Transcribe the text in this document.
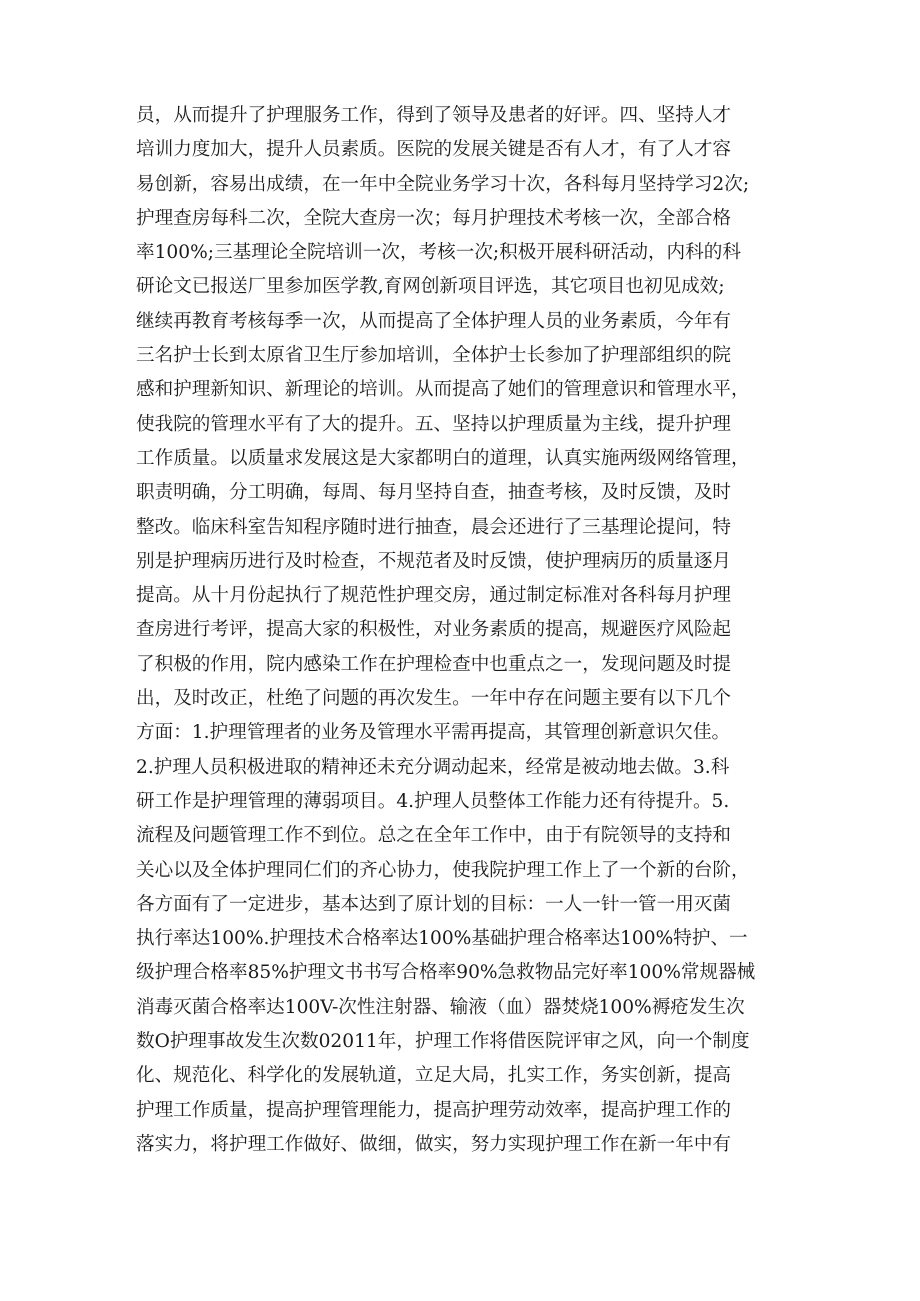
员，从而提升了护理服务工作，得到了领导及患者的好评。四、坚持人才
培训力度加大，提升人员素质。医院的发展关键是否有人才，有了人才容
易创新，容易出成绩，在一年中全院业务学习十次，各科每月坚持学习2次;
护理查房每科二次，全院大查房一次；每月护理技术考核一次，全部合格
率100%;三基理论全院培训一次，考核一次;积极开展科研活动，内科的科
研论文已报送厂里参加医学教,育网创新项目评选，其它项目也初见成效;
继续再教育考核每季一次，从而提高了全体护理人员的业务素质，今年有
三名护士长到太原省卫生厅参加培训，全体护士长参加了护理部组织的院
感和护理新知识、新理论的培训。从而提高了她们的管理意识和管理水平，
使我院的管理水平有了大的提升。五、坚持以护理质量为主线，提升护理
工作质量。以质量求发展这是大家都明白的道理，认真实施两级网络管理，
职责明确，分工明确，每周、每月坚持自查，抽查考核，及时反馈，及时
整改。临床科室告知程序随时进行抽查，晨会还进行了三基理论提问，特
别是护理病历进行及时检查，不规范者及时反馈，使护理病历的质量逐月
提高。从十月份起执行了规范性护理交房，通过制定标准对各科每月护理
查房进行考评，提高大家的积极性，对业务素质的提高，规避医疗风险起
了积极的作用，院内感染工作在护理检查中也重点之一，发现问题及时提
出，及时改正，杜绝了问题的再次发生。一年中存在问题主要有以下几个
方面：1.护理管理者的业务及管理水平需再提高，其管理创新意识欠佳。
2.护理人员积极进取的精神还未充分调动起来，经常是被动地去做。3.科
研工作是护理管理的薄弱项目。4.护理人员整体工作能力还有待提升。5.
流程及问题管理工作不到位。总之在全年工作中，由于有院领导的支持和
关心以及全体护理同仁们的齐心协力，使我院护理工作上了一个新的台阶，
各方面有了一定进步，基本达到了原计划的目标：一人一针一管一用灭菌
执行率达100%.护理技术合格率达100%基础护理合格率达100%特护、一
级护理合格率85%护理文书书写合格率90%急救物品完好率100%常规器械
消毒灭菌合格率达100V-次性注射器、输液（血）器焚烧100%褥疮发生次
数O护理事故发生次数02011年，护理工作将借医院评审之风，向一个制度
化、规范化、科学化的发展轨道，立足大局，扎实工作，务实创新，提高
护理工作质量，提高护理管理能力，提高护理劳动效率，提高护理工作的
落实力，将护理工作做好、做细，做实，努力实现护理工作在新一年中有
